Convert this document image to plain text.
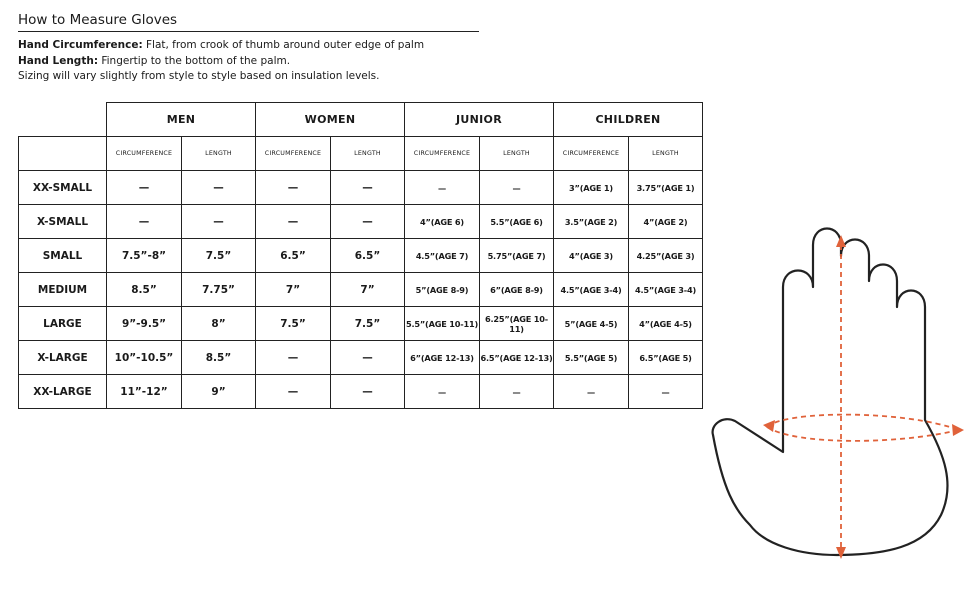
How to Measure Gloves
Hand Circumference: Flat, from crook of thumb around outer edge of palm
Hand Length: Fingertip to the bottom of the palm.
Sizing will vary slightly from style to style based on insulation levels.
	MEN		WOMEN		JUNIOR		CHILDREN	
	CIRCUMFERENCE	LENGTH	CIRCUMFERENCE	LENGTH	CIRCUMFERENCE	LENGTH	CIRCUMFERENCE	LENGTH
XX-SMALL	—	—	—	—	—	—	3”(AGE 1)	3.75”(AGE 1)
X-SMALL	—	—	—	—	4”(AGE 6)	5.5”(AGE 6)	3.5”(AGE 2)	4”(AGE 2)
SMALL	7.5”-8”	7.5”	6.5”	6.5”	4.5”(AGE 7)	5.75”(AGE 7)	4”(AGE 3)	4.25”(AGE 3)
MEDIUM	8.5”	7.75”	7”	7”	5”(AGE 8-9)	6”(AGE 8-9)	4.5”(AGE 3-4)	4.5”(AGE 3-4)
LARGE	9”-9.5”	8”	7.5”	7.5”	5.5”(AGE 10-11)	6.25”(AGE 10-11)	5”(AGE 4-5)	4”(AGE 4-5)
X-LARGE	10”-10.5”	8.5”	—	—	6”(AGE 12-13)	6.5”(AGE 12-13)	5.5”(AGE 5)	6.5”(AGE 5)
XX-LARGE	11”-12”	9”	—	—	—	—	—	—
